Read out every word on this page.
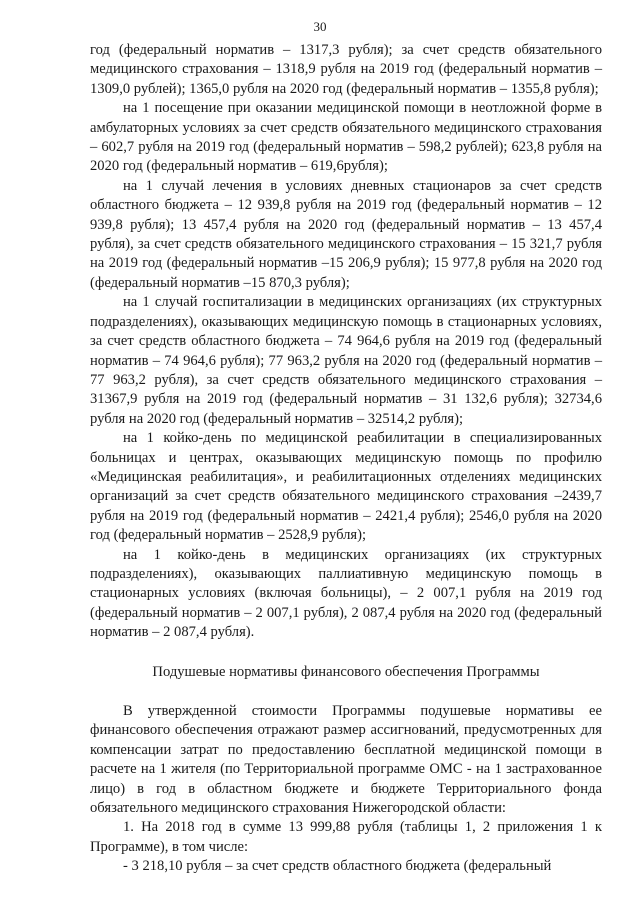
30

год (федеральный норматив – 1317,3 рубля); за счет средств обязательного медицинского страхования – 1318,9 рубля на 2019 год (федеральный норматив – 1309,0 рублей); 1365,0 рубля на 2020 год (федеральный норматив – 1355,8 рубля);

на 1 посещение при оказании медицинской помощи в неотложной форме в амбулаторных условиях за счет средств обязательного медицинского страхования – 602,7 рубля на 2019 год (федеральный норматив – 598,2 рублей); 623,8 рубля на 2020 год (федеральный норматив – 619,6рубля);

на 1 случай лечения в условиях дневных стационаров за счет средств областного бюджета – 12 939,8 рубля на 2019 год (федеральный норматив – 12 939,8 рубля); 13 457,4 рубля на 2020 год (федеральный норматив – 13 457,4 рубля), за счет средств обязательного медицинского страхования – 15 321,7 рубля на 2019 год (федеральный норматив –15 206,9 рубля); 15 977,8 рубля на 2020 год (федеральный норматив –15 870,3 рубля);

на 1 случай госпитализации в медицинских организациях (их структурных подразделениях), оказывающих медицинскую помощь в стационарных условиях, за счет средств областного бюджета – 74 964,6 рубля на 2019 год (федеральный норматив – 74 964,6 рубля); 77 963,2 рубля на 2020 год (федеральный норматив – 77 963,2 рубля), за счет средств обязательного медицинского страхования – 31367,9 рубля на 2019 год (федеральный норматив – 31 132,6 рубля); 32734,6 рубля на 2020 год (федеральный норматив – 32514,2 рубля);

на 1 койко-день по медицинской реабилитации в специализированных больницах и центрах, оказывающих медицинскую помощь по профилю «Медицинская реабилитация», и реабилитационных отделениях медицинских организаций за счет средств обязательного медицинского страхования –2439,7 рубля на 2019 год (федеральный норматив – 2421,4 рубля); 2546,0 рубля на 2020 год (федеральный норматив – 2528,9 рубля);

на 1 койко-день в медицинских организациях (их структурных подразделениях), оказывающих паллиативную медицинскую помощь в стационарных условиях (включая больницы), – 2 007,1 рубля на 2019 год (федеральный норматив – 2 007,1 рубля), 2 087,4 рубля на 2020 год (федеральный норматив – 2 087,4 рубля).

Подушевые нормативы финансового обеспечения Программы

В утвержденной стоимости Программы подушевые нормативы ее финансового обеспечения отражают размер ассигнований, предусмотренных для компенсации затрат по предоставлению бесплатной медицинской помощи в расчете на 1 жителя (по Территориальной программе ОМС - на 1 застрахованное лицо) в год в областном бюджете и бюджете Территориального фонда обязательного медицинского страхования Нижегородской области:

1. На 2018 год в сумме 13 999,88 рубля (таблицы 1, 2 приложения 1 к Программе), в том числе:

- 3 218,10 рубля – за счет средств областного бюджета (федеральный
